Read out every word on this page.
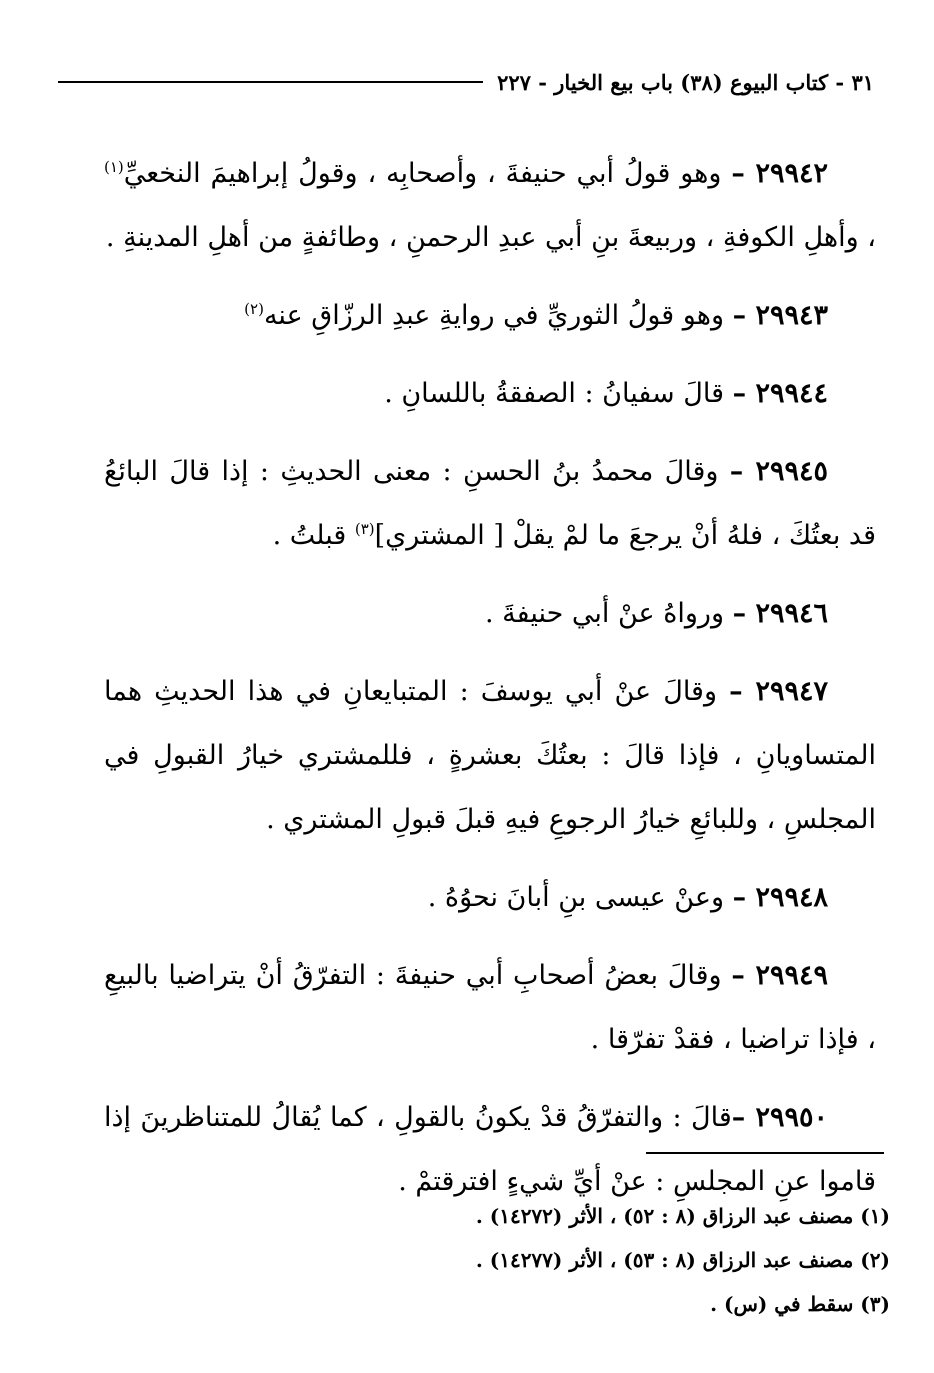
٣١ - كتاب البيوع (٣٨) باب بيع الخيار - ٢٢٧

٢٩٩٤٢ – وهو قولُ أبي حنيفةَ ، وأصحابِه ، وقولُ إبراهيمَ النخعيِّ$^{(١)}$ ، وأهلِ الكوفةِ ، وربيعةَ بنِ أبي عبدِ الرحمنِ ، وطائفةٍ من أهلِ المدينةِ .

٢٩٩٤٣ – وهو قولُ الثوريِّ في روايةِ عبدِ الرزّاقِ عنه$^{(٢)}$

٢٩٩٤٤ – قالَ سفيانُ : الصفقةُ باللسانِ .

٢٩٩٤٥ – وقالَ محمدُ بنُ الحسنِ : معنى الحديثِ : إذا قالَ البائعُ قد بعتُكَ ، فلهُ أنْ يرجعَ ما لمْ يقلْ [ المشتري]$^{(٣)}$ قبلتُ .

٢٩٩٤٦ – ورواهُ عنْ أبي حنيفةَ .

٢٩٩٤٧ – وقالَ عنْ أبي يوسفَ : المتبايعانِ في هذا الحديثِ هما المتساويانِ ، فإذا قالَ : بعتُكَ بعشرةٍ ، فللمشتري خيارُ القبولِ في المجلسِ ، وللبائعِ خيارُ الرجوعِ فيهِ قبلَ قبولِ المشتري .

٢٩٩٤٨ – وعنْ عيسى بنِ أبانَ نحوُهُ .

٢٩٩٤٩ – وقالَ بعضُ أصحابِ أبي حنيفةَ : التفرّقُ أنْ يتراضيا بالبيعِ ، فإذا تراضيا ، فقدْ تفرّقا .

٢٩٩٥٠ –قالَ : والتفرّقُ قدْ يكونُ بالقولِ ، كما يُقالُ للمتناظرينَ إذا قاموا عنِ المجلسِ : عنْ أيِّ شيءٍ افترقتمْ .

(١) مصنف عبد الرزاق (٨ : ٥٢) ، الأثر (١٤٢٧٢) .
(٢) مصنف عبد الرزاق (٨ : ٥٣) ، الأثر (١٤٢٧٧) .
(٣) سقط في (س) .
